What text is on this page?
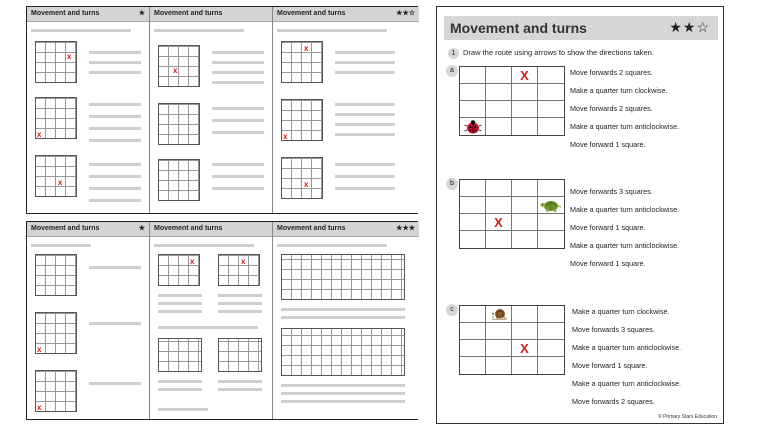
Movement and turns	★
x
x
x
Movement and turns
x
Movement and turns	★★☆
x
x
x
Movement and turns	★
x
x
Movement and turns
x	x
Movement and turns	★★★
Movement and turns	★★☆
1 Draw the route using arrows to show the directions taken.
a	X	Move forwards 2 squares.
Make a quarter turn clockwise.
Move forwards 2 squares.
Make a quarter turn anticlockwise.
Move forward 1 square.
b
X
Move forwards 3 squares.
Make a quarter turn anticlockwise.
Move forward 1 square.
Make a quarter turn anticlockwise.
Move forward 1 square.
c
X
Make a quarter turn clockwise.
Move forwards 3 squares.
Make a quarter turn anticlockwise.
Move forward 1 square.
Make a quarter turn anticlockwise.
Move forwards 2 squares.
© Primary Stars Education
